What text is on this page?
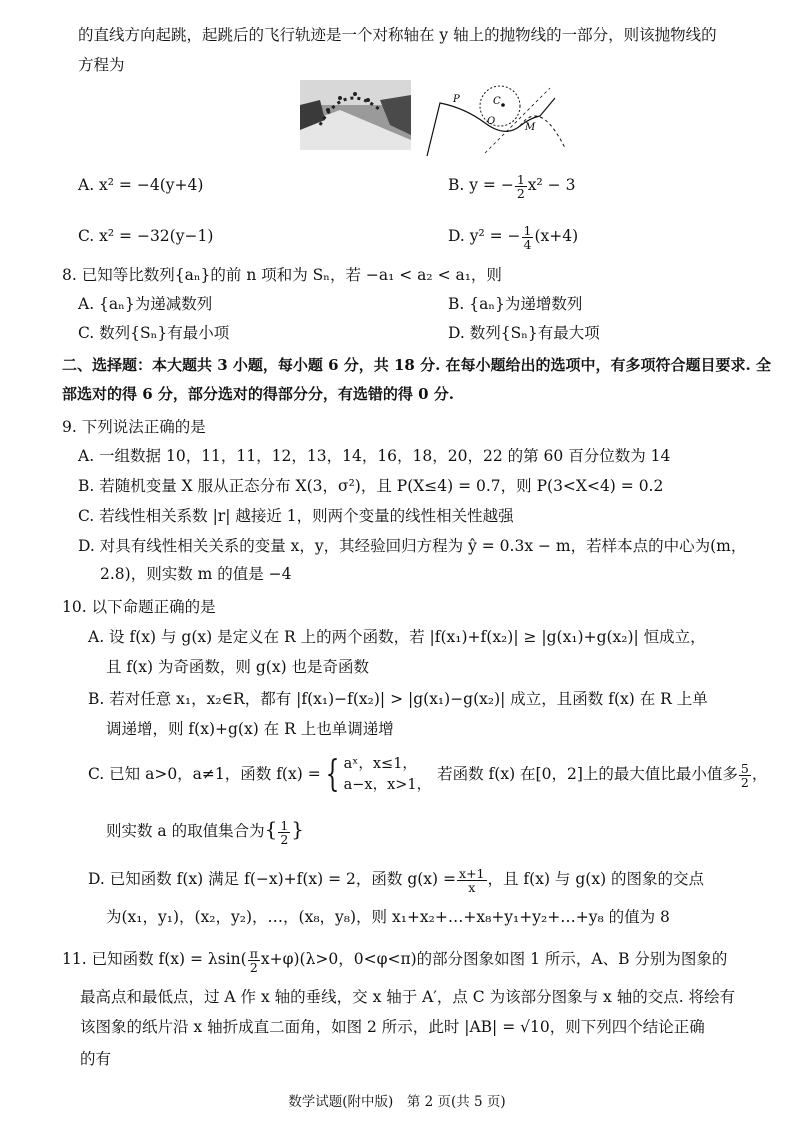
的直线方向起跳，起跳后的飞行轨迹是一个对称轴在 y 轴上的抛物线的一部分，则该抛物线的
方程为
P	C
O
M
A. x² = −4(y+4)	B. y = − $\frac{1}{2} x^2 - 3$
C. x² = −32(y−1)	D. y² = − $\frac{1}{4} (x+4)$
8. 已知等比数列{aₙ}的前 n 项和为 Sₙ，若 −a₁ < a₂ < a₁，则
A. {aₙ}为递减数列	B. {aₙ}为递增数列
C. 数列{Sₙ}有最小项	D. 数列{Sₙ}有最大项
二、选择题：本大题共 3 小题，每小题 6 分，共 18 分. 在每小题给出的选项中，有多项符合题目要求. 全
部选对的得 6 分，部分选对的得部分分，有选错的得 0 分.
9. 下列说法正确的是
A. 一组数据 10，11，11，12，13，14，16，18，20，22 的第 60 百分位数为 14
B. 若随机变量 X 服从正态分布 X(3，σ²)，且 P(X≤4) = 0.7，则 P(3<X<4) = 0.2
C. 若线性相关系数 |r| 越接近 1，则两个变量的线性相关性越强
D. 对具有线性相关关系的变量 x，y，其经验回归方程为 ŷ = 0.3x − m，若样本点的中心为(m，
2.8)，则实数 m 的值是 −4
10. 以下命题正确的是
A. 设 f(x) 与 g(x) 是定义在 R 上的两个函数，若 |f(x₁)+f(x₂)| ≥ |g(x₁)+g(x₂)| 恒成立，
且 f(x) 为奇函数，则 g(x) 也是奇函数
B. 若对任意 x₁，x₂∈R，都有 |f(x₁)−f(x₂)| > |g(x₁)−g(x₂)| 成立，且函数 f(x) 在 R 上单
调递增，则 f(x)+g(x) 在 R 上也单调递增
C. 已知 a>0，a≠1，函数 f(x) = { aˣ，x≤1，
a−x，x>1，
若函数 f(x) 在[0，2]上的最大值比最小值多 $\frac{5}{2}$ ，
则实数 a 的取值集合为{ $\frac{1}{2}$ }
D. 已知函数 f(x) 满足 f(−x)+f(x) = 2，函数 $g(x) = \frac{x+1}{x}$ ，且 f(x) 与 g(x) 的图象的交点
为(x₁，y₁)，(x₂，y₂)，…，(x₈，y₈)，则 x₁+x₂+…+x₈+y₁+y₂+…+y₈ 的值为 8
11. 已知函数 $f(x) = \lambda\sin( \frac{\pi}{2} x+\varphi)(\lambda>0$，0<φ<π)的部分图象如图 1 所示，A、B 分别为图象的
最高点和最低点，过 A 作 x 轴的垂线，交 x 轴于 A′，点 C 为该部分图象与 x 轴的交点. 将绘有
该图象的纸片沿 x 轴折成直二面角，如图 2 所示，此时 |AB| = √10，则下列四个结论正确
的有
数学试题(附中版)　第 2 页(共 5 页)
